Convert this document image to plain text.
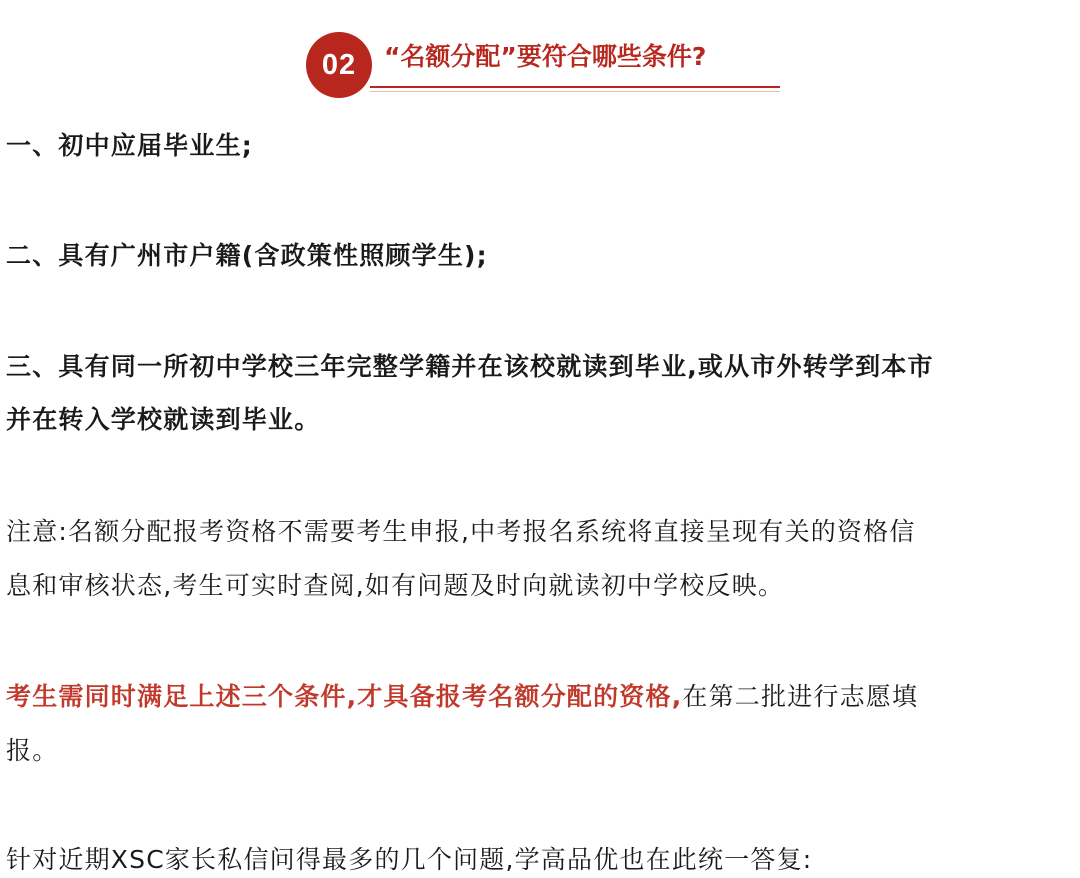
02	“名额分配”要符合哪些条件?
一、初中应届毕业生;
二、具有广州市户籍(含政策性照顾学生);
三、具有同一所初中学校三年完整学籍并在该校就读到毕业,或从市外转学到本市
并在转入学校就读到毕业。
注意:名额分配报考资格不需要考生申报,中考报名系统将直接呈现有关的资格信
息和审核状态,考生可实时查阅,如有问题及时向就读初中学校反映。
考生需同时满足上述三个条件,才具备报考名额分配的资格,在第二批进行志愿填
报。
针对近期XSC家长私信问得最多的几个问题,学高品优也在此统一答复:
